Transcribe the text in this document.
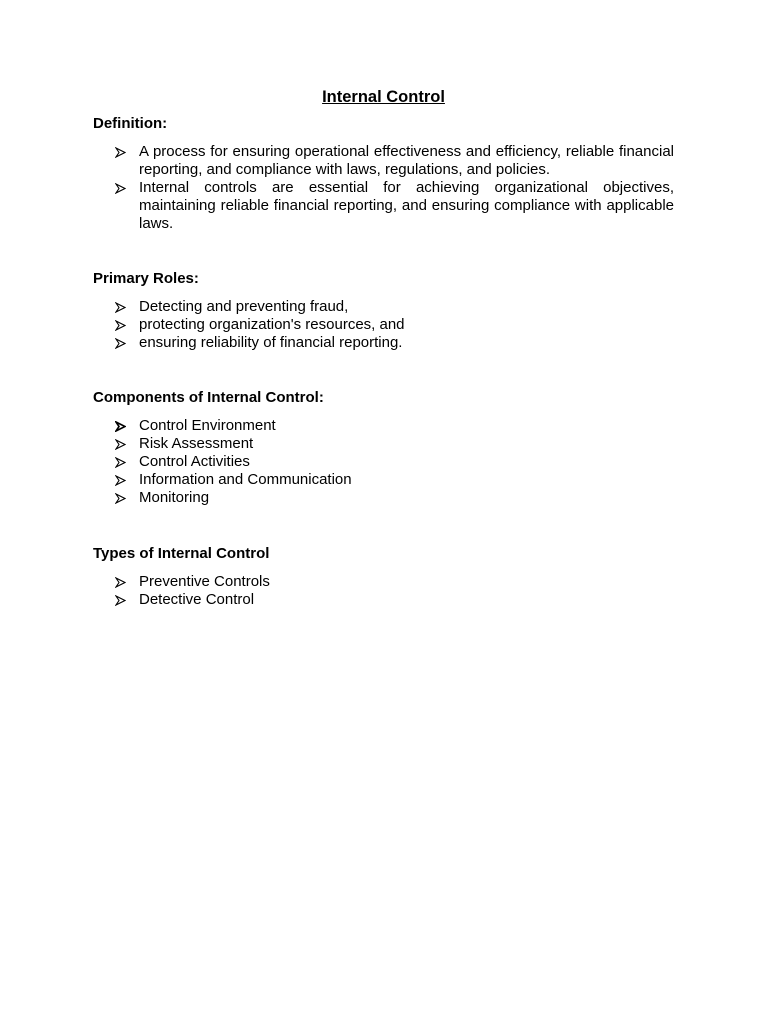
Internal Control
Definition:
A process for ensuring operational effectiveness and efficiency, reliable financial reporting, and compliance with laws, regulations, and policies.
Internal controls are essential for achieving organizational objectives, maintaining reliable financial reporting, and ensuring compliance with applicable laws.
Primary Roles:
Detecting and preventing fraud,
protecting organization's resources, and
ensuring reliability of financial reporting.
Components of Internal Control:
Control Environment
Risk Assessment
Control Activities
Information and Communication
Monitoring
Types of Internal Control
Preventive Controls
Detective Control
